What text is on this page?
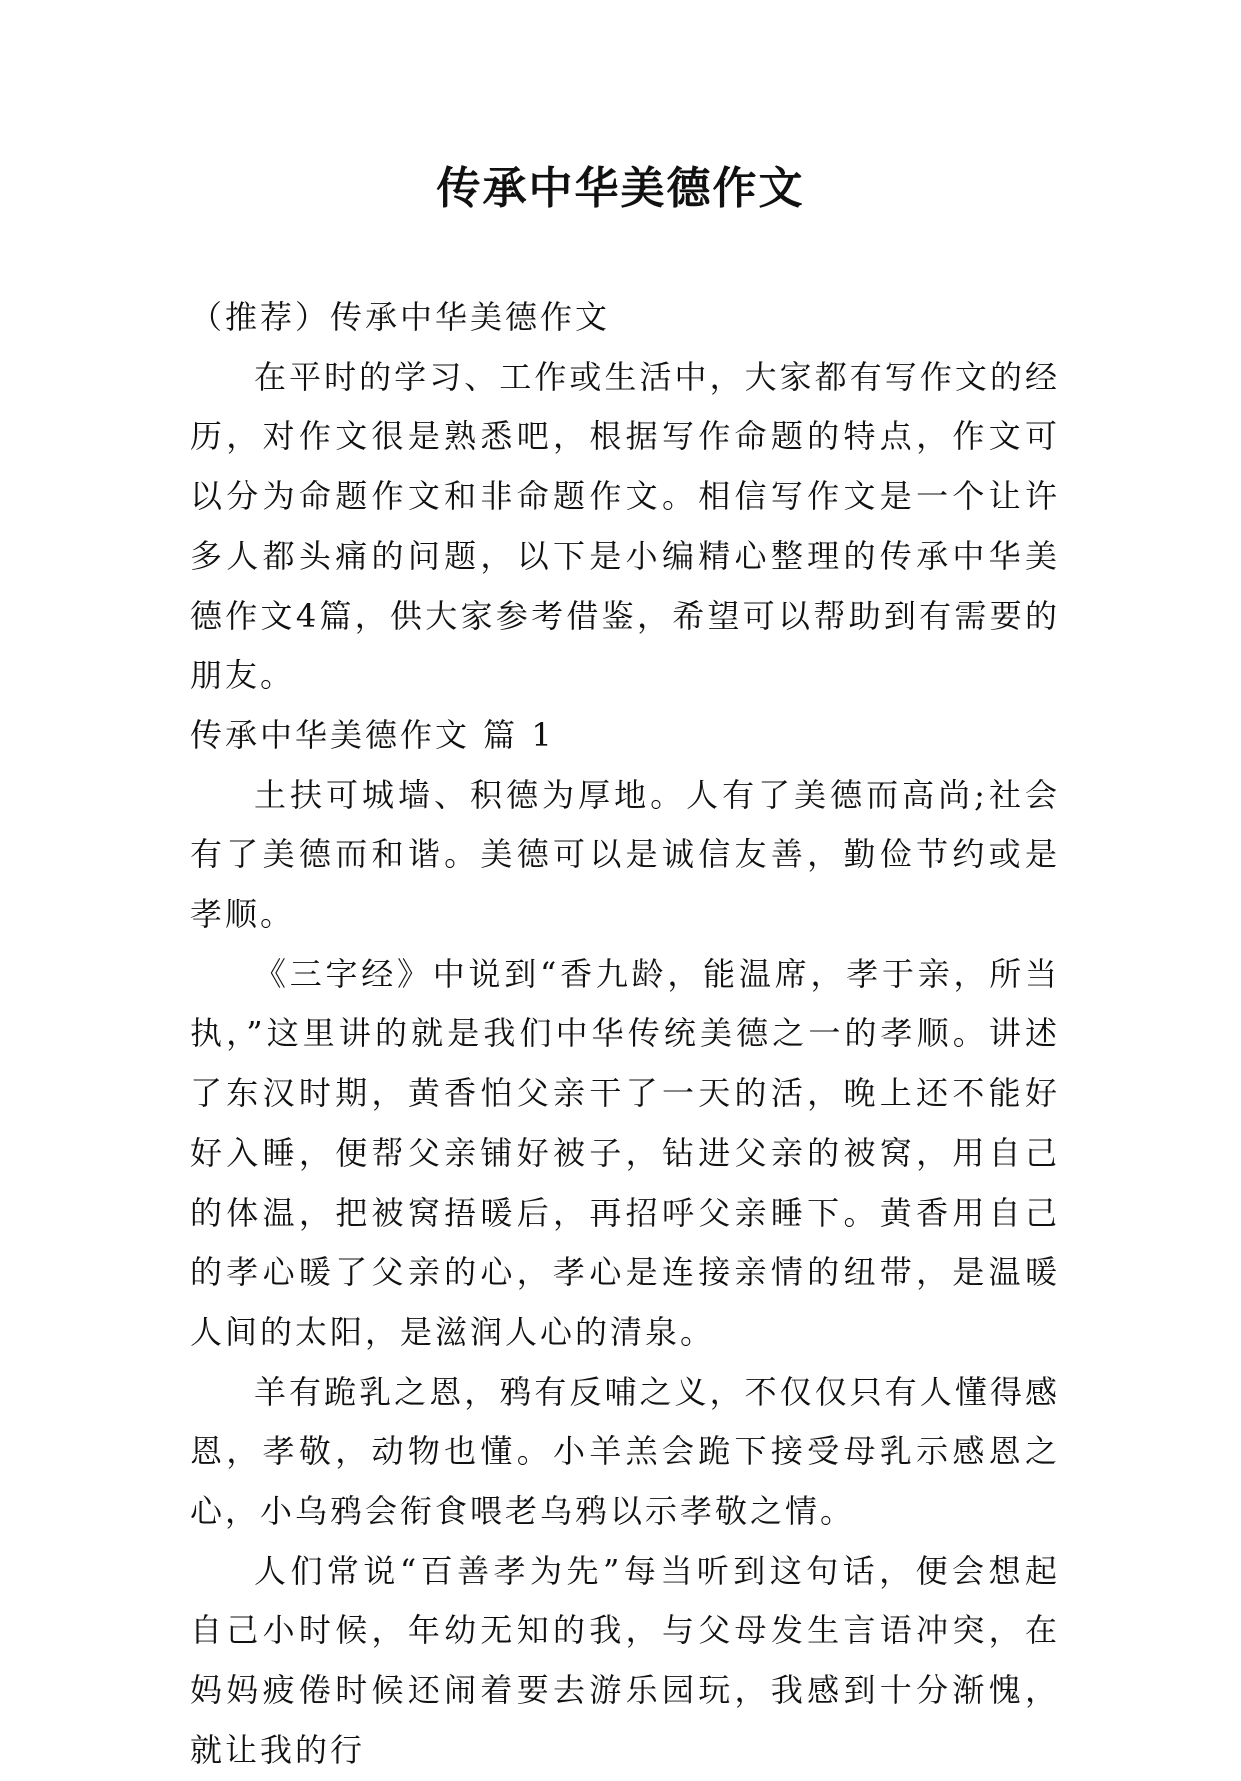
传承中华美德作文

（推荐）传承中华美德作文

在平时的学习、工作或生活中，大家都有写作文的经历，对作文很是熟悉吧，根据写作命题的特点，作文可以分为命题作文和非命题作文。相信写作文是一个让许多人都头痛的问题，以下是小编精心整理的传承中华美德作文4篇，供大家参考借鉴，希望可以帮助到有需要的朋友。

传承中华美德作文 篇 1

土扶可城墙、积德为厚地。人有了美德而高尚;社会有了美德而和谐。美德可以是诚信友善，勤俭节约或是孝顺。

《三字经》中说到“香九龄，能温席，孝于亲，所当执，”这里讲的就是我们中华传统美德之一的孝顺。讲述了东汉时期，黄香怕父亲干了一天的活，晚上还不能好好入睡，便帮父亲铺好被子，钻进父亲的被窝，用自己的体温，把被窝捂暖后，再招呼父亲睡下。黄香用自己的孝心暖了父亲的心，孝心是连接亲情的纽带，是温暖人间的太阳，是滋润人心的清泉。

羊有跪乳之恩，鸦有反哺之义，不仅仅只有人懂得感恩，孝敬，动物也懂。小羊羔会跪下接受母乳示感恩之心，小乌鸦会衔食喂老乌鸦以示孝敬之情。

人们常说“百善孝为先”每当听到这句话，便会想起自己小时候，年幼无知的我，与父母发生言语冲突，在妈妈疲倦时候还闹着要去游乐园玩，我感到十分渐愧，就让我的行
